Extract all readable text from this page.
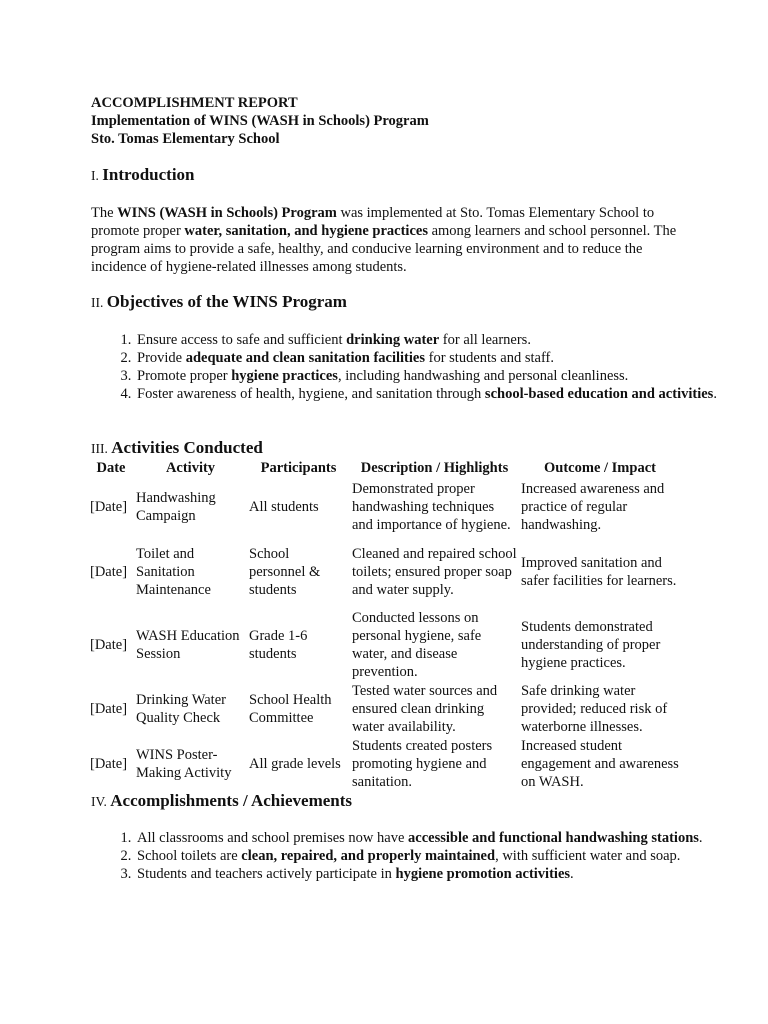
ACCOMPLISHMENT REPORT
Implementation of WINS (WASH in Schools) Program
Sto. Tomas Elementary School
I. Introduction
The WINS (WASH in Schools) Program was implemented at Sto. Tomas Elementary School to promote proper water, sanitation, and hygiene practices among learners and school personnel. The program aims to provide a safe, healthy, and conducive learning environment and to reduce the incidence of hygiene-related illnesses among students.
II. Objectives of the WINS Program
1. Ensure access to safe and sufficient drinking water for all learners.
2. Provide adequate and clean sanitation facilities for students and staff.
3. Promote proper hygiene practices, including handwashing and personal cleanliness.
4. Foster awareness of health, hygiene, and sanitation through school-based education and activities.
III. Activities Conducted
Date	Activity	Participants	Description / Highlights	Outcome / Impact
[Date]	Handwashing Campaign	All students	Demonstrated proper handwashing techniques and importance of hygiene.	Increased awareness and practice of regular handwashing.
[Date]	Toilet and Sanitation Maintenance	School personnel & students	Cleaned and repaired school toilets; ensured proper soap and water supply.	Improved sanitation and safer facilities for learners.
[Date]	WASH Education Session	Grade 1-6 students	Conducted lessons on personal hygiene, safe water, and disease prevention.	Students demonstrated understanding of proper hygiene practices.
[Date]	Drinking Water Quality Check	School Health Committee	Tested water sources and ensured clean drinking water availability.	Safe drinking water provided; reduced risk of waterborne illnesses.
[Date]	WINS Poster-Making Activity	All grade levels	Students created posters promoting hygiene and sanitation.	Increased student engagement and awareness on WASH.
IV. Accomplishments / Achievements
1. All classrooms and school premises now have accessible and functional handwashing stations.
2. School toilets are clean, repaired, and properly maintained, with sufficient water and soap.
3. Students and teachers actively participate in hygiene promotion activities.
